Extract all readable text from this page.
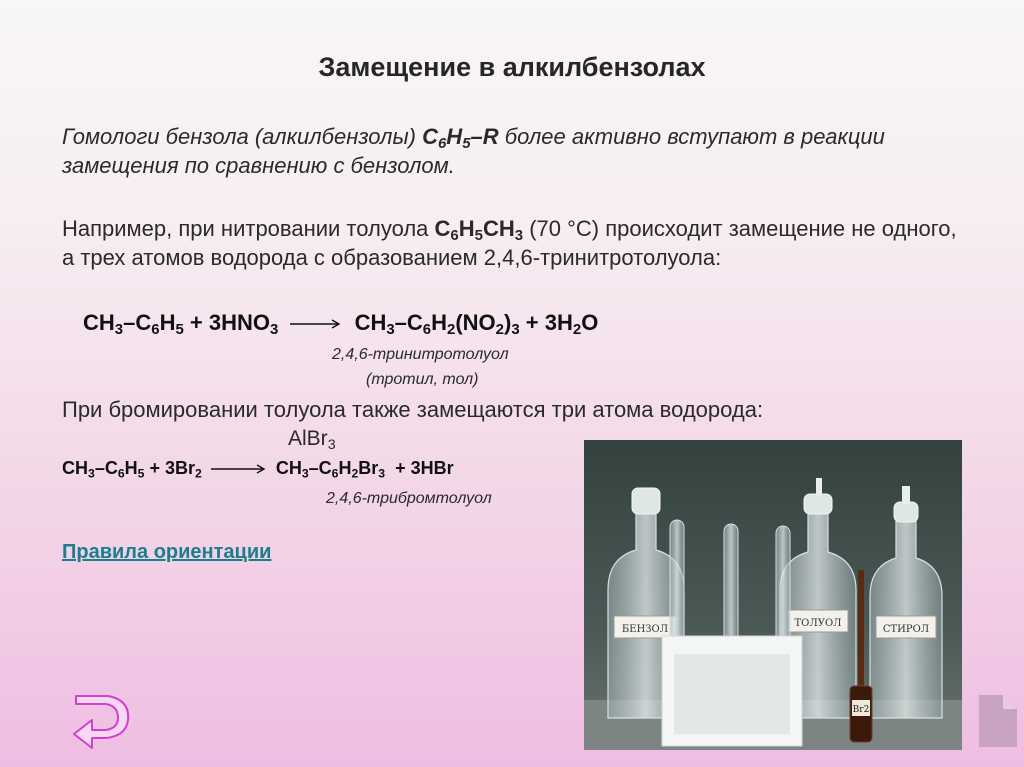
Замещение в алкилбензолах
Гомологи бензола (алкилбензолы) $C_6H_5-R$ более активно вступают в реакции замещения по сравнению с бензолом.
Например, при нитровании толуола $C_6H_5CH_3$ (70 °С) происходит замещение не одного, а трех атомов водорода с образованием 2,4,6-тринитротолуола:
$CH_3-C_6H_5 + 3HNO_3 \to CH_3-C_6H_2(NO_2)_3 + 3H_2O$
2,4,6-тринитротолуол
(тротил, тол)
При бромировании толуола также замещаются три атома водорода:
AlBr$_3$
$CH_3-C_6H_5 + 3Br_2 \to CH_3-C_6H_2Br_3 + 3HBr$
2,4,6-трибромтолуол
Правила ориентации
БЕНЗОЛ
ТОЛУОЛ
СТИРОЛ
Br2
